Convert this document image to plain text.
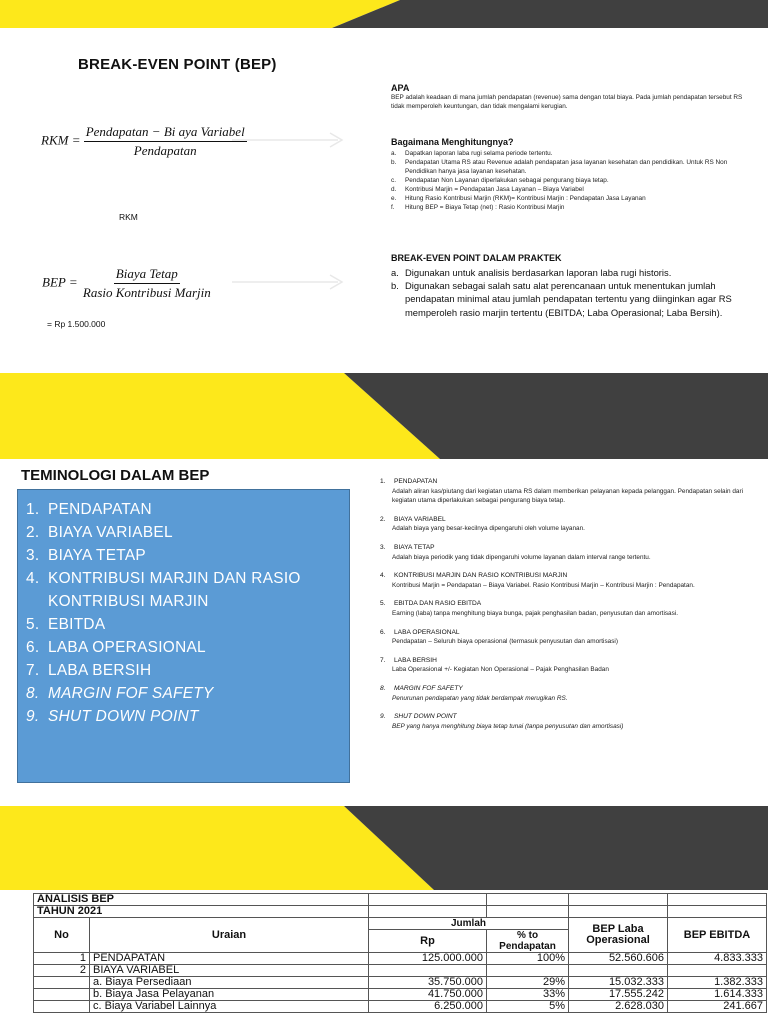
BREAK-EVEN POINT (BEP)
RKM = $\frac{\text{Pendapatan − Bi aya Variabel}}{\text{Pendapatan}}$
RKM
BEP = $\frac{\text{Biaya Tetap}}{\text{Rasio Kontribusi Marjin}}$
= Rp 1.500.000
APA
BEP adalah keadaan di mana jumlah pendapatan (revenue) sama dengan total biaya. Pada jumlah pendapatan tersebut RS tidak memperoleh keuntungan, dan tidak mengalami kerugian.
Bagaimana Menghitungnya?
a.	Dapatkan laporan laba rugi selama periode tertentu.
b.	Pendapatan Utama RS atau Revenue adalah pendapatan jasa layanan kesehatan dan pendidikan. Untuk RS Non Pendidikan hanya jasa layanan kesehatan.
c.	Pendapatan Non Layanan diperlakukan sebagai pengurang biaya tetap.
d.	Kontribusi Marjin = Pendapatan Jasa Layanan – Biaya Variabel
e.	Hitung Rasio Kontribusi Marjin (RKM)= Kontribusi Marjin : Pendapatan Jasa Layanan
f.	Hitung BEP = Biaya Tetap (net) : Rasio Kontribusi Marjin
BREAK-EVEN POINT DALAM PRAKTEK
a. Digunakan untuk analisis berdasarkan laporan laba rugi historis.
b. Digunakan sebagai salah satu alat perencanaan untuk menentukan jumlah pendapatan minimal atau jumlah pendapatan tertentu yang diinginkan agar RS memperoleh rasio marjin tertentu (EBITDA; Laba Operasional; Laba Bersih).
TEMINOLOGI DALAM BEP
1. PENDAPATAN
2. BIAYA VARIABEL
3. BIAYA TETAP
4. KONTRIBUSI MARJIN DAN RASIO KONTRIBUSI MARJIN
5. EBITDA
6. LABA OPERASIONAL
7. LABA BERSIH
8. MARGIN FOF SAFETY
9. SHUT DOWN POINT
1.	PENDAPATAN
Adalah aliran kas/piutang dari kegiatan utama RS dalam memberikan pelayanan kepada pelanggan. Pendapatan selain dari kegiatan utama diperlakukan sebagai pengurang biaya tetap.
2.	BIAYA VARIABEL
Adalah biaya yang besar-kecilnya dipengaruhi oleh volume layanan.
3.	BIAYA TETAP
Adalah biaya periodik yang tidak dipengaruhi volume layanan dalam interval range tertentu.
4.	KONTRIBUSI MARJIN DAN RASIO KONTRIBUSI MARJIN
Kontribusi Marjin = Pendapatan – Biaya Variabel. Rasio Kontribusi Marjin – Kontribusi Marjin : Pendapatan.
5.	EBITDA DAN RASIO EBITDA
Earning (laba) tanpa menghitung biaya bunga, pajak penghasilan badan, penyusutan dan amortisasi.
6.	LABA OPERASIONAL
Pendapatan – Seluruh biaya operasional (termasuk penyusutan dan amortisasi)
7.	LABA BERSIH
Laba Operasional +/- Kegiatan Non Operasional – Pajak Penghasilan Badan
8.	MARGIN FOF SAFETY
Penurunan pendapatan yang tidak berdampak merugikan RS.
9.	SHUT DOWN POINT
BEP yang hanya menghitung biaya tetap tunai (tanpa penyusutan dan amortisasi)
ANALISIS BEP					
TAHUN 2021					
No	Uraian	Jumlah		BEP Laba Operasional	BEP EBITDA
		Rp	% to Pendapatan		
1	PENDAPATAN	125.000.000	100%	52.560.606	4.833.333
2	BIAYA VARIABEL				
	a. Biaya Persediaan	35.750.000	29%	15.032.333	1.382.333
	b. Biaya Jasa Pelayanan	41.750.000	33%	17.555.242	1.614.333
	c. Biaya Variabel Lainnya	6.250.000	5%	2.628.030	241.667
